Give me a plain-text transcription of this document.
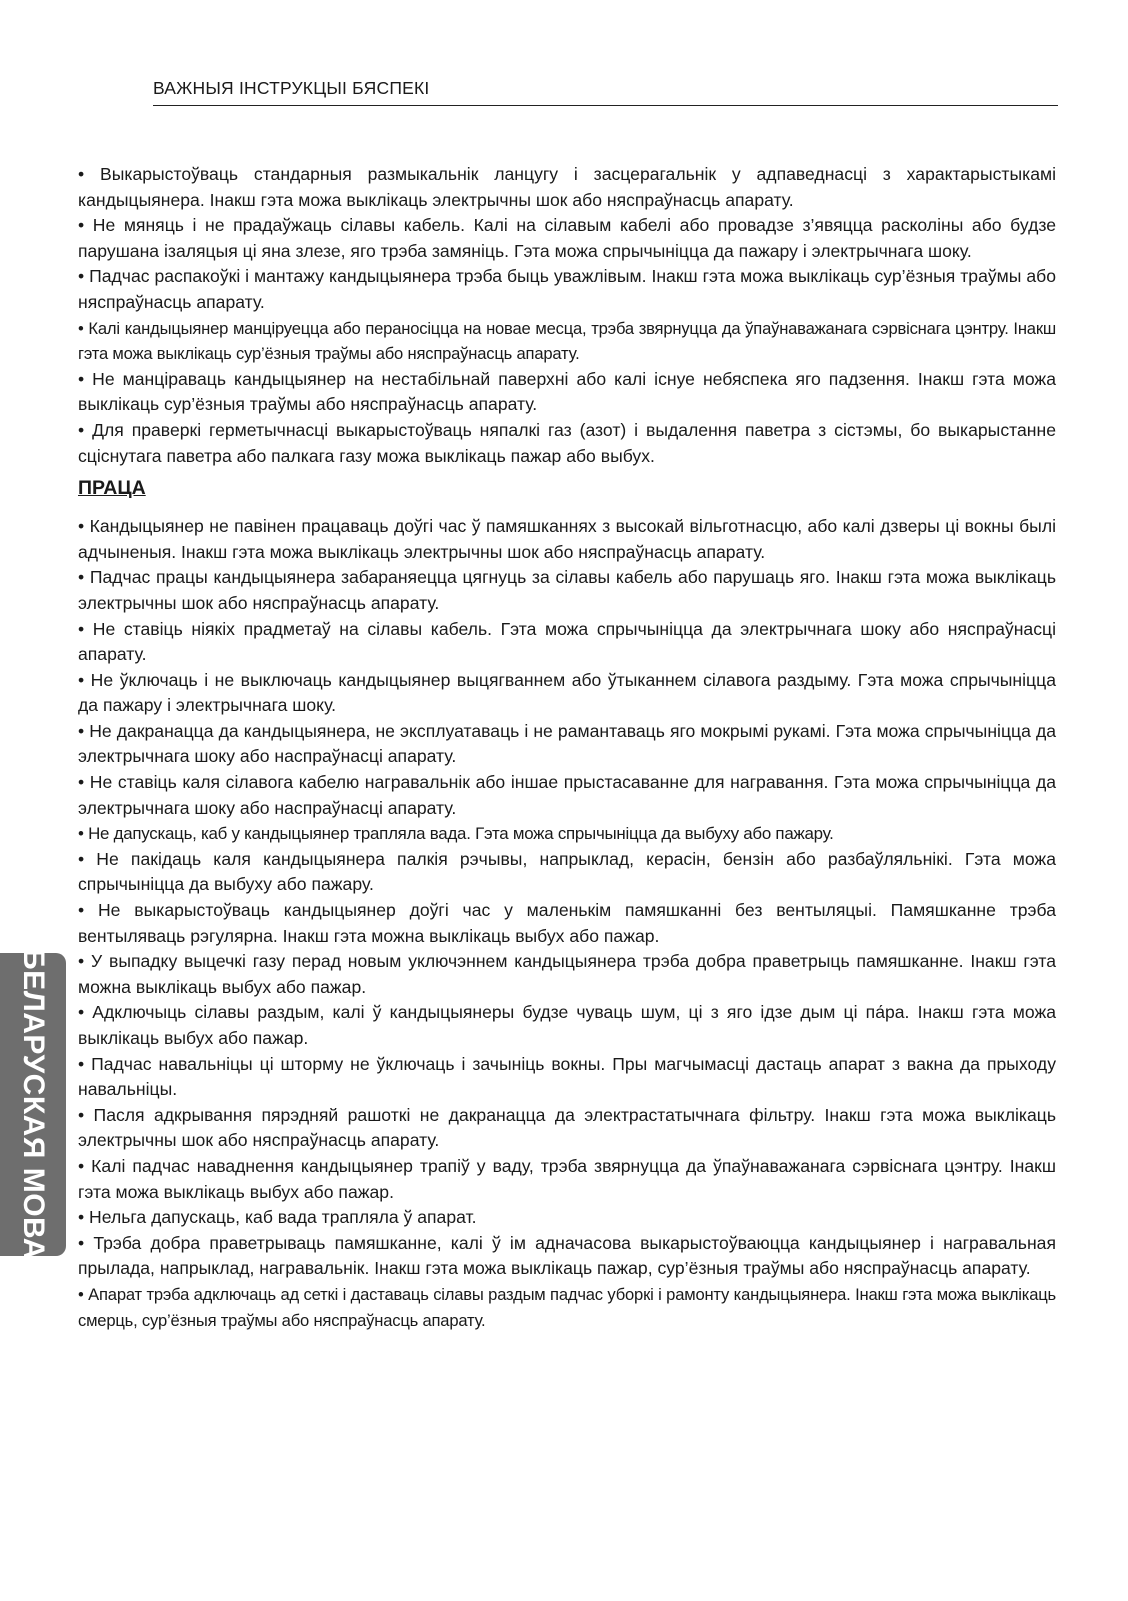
ВАЖНЫЯ ІНСТРУКЦЫІ БЯСПЕКІ
БЕЛАРУСКАЯ МОВА

• Выкарыстоўваць стандарныя размыкальнік ланцугу і засцерагальнік у адпаведнасці з характарыстыкамі кандыцыянера. Інакш гэта можа выклікаць электрычны шок або няспраўнасць апарату.

• Не мяняць і не прадаўжаць сілавы кабель. Калі на сілавым кабелі або провадзе з’явяцца расколіны або будзе парушана ізаляцыя ці яна злезе, яго трэба замяніць. Гэта можа спрычыніцца да пажару і электрычнага шоку.

• Падчас распакоўкі і мантажу кандыцыянера трэба быць уважлівым. Інакш гэта можа выклікаць сур’ёзныя траўмы або няспраўнасць апарату.

• Калі кандыцыянер манціруецца або пераносіцца на новае месца, трэба звярнуцца да ўпаўнаважанага сэрвіснага цэнтру. Інакш гэта можа выклікаць сур’ёзныя траўмы або няспраўнасць апарату.

• Не манціраваць кандыцыянер на нестабільнай паверхні або калі існуе небяспека яго падзення. Інакш гэта можа выклікаць сур’ёзныя траўмы або няспраўнасць апарату.

• Для праверкі герметычнасці выкарыстоўваць няпалкі газ (азот) і выдалення паветра з сістэмы, бо выкарыстанне сціснутага паветра або палкага газу можа выклікаць пажар або выбух.

ПРАЦА

• Кандыцыянер не павінен працаваць доўгі час ў памяшканнях з высокай вільготнасцю, або калі дзверы ці вокны былі адчыненыя. Інакш гэта можа выклікаць электрычны шок або няспраўнасць апарату.

• Падчас працы кандыцыянера забараняецца цягнуць за сілавы кабель або парушаць яго. Інакш гэта можа выклікаць электрычны шок або няспраўнасць апарату.

• Не ставіць ніякіх прадметаў на сілавы кабель. Гэта можа спрычыніцца да электрычнага шоку або няспраўнасці апарату.

• Не ўключаць і не выключаць кандыцыянер выцягваннем або ўтыканнем сілавога раздыму. Гэта можа спрычыніцца да пажару і электрычнага шоку.

• Не дакранацца да кандыцыянера, не эксплуатаваць і не рамантаваць яго мокрымі рукамі. Гэта можа спрычыніцца да электрычнага шоку або наспраўнасці апарату.

• Не ставіць каля сілавога кабелю награвальнік або іншае прыстасаванне для награвання. Гэта можа спрычыніцца да электрычнага шоку або наспраўнасці апарату.

• Не дапускаць, каб у кандыцыянер трапляла вада. Гэта можа спрычыніцца да выбуху або пажару.

• Не пакідаць каля кандыцыянера палкія рэчывы, напрыклад, керасін, бензін або разбаўляльнікі. Гэта можа спрычыніцца да выбуху або пажару.

• Не выкарыстоўваць кандыцыянер доўгі час у маленькім памяшканні без вентыляцыі. Памяшканне трэба вентыляваць рэгулярна. Інакш гэта можна выклікаць выбух або пажар.

• У выпадку выцечкі газу перад новым уключэннем кандыцыянера трэба добра праветрыць памяшканне. Інакш гэта можна выклікаць выбух або пажар.

• Адключыць сілавы раздым, калі ў кандыцыянеры будзе чуваць шум, ці з яго ідзе дым ці па́ра. Інакш гэта можа выклікаць выбух або пажар.

• Падчас навальніцы ці шторму не ўключаць і зачыніць вокны. Пры магчымасці дастаць апарат з вакна да прыходу навальніцы.

• Пасля адкрывання пярэдняй рашоткі не дакранацца да электрастатычнага фільтру. Інакш гэта можа выклікаць электрычны шок або няспраўнасць апарату.

• Калі падчас наваднення кандыцыянер трапіў у ваду, трэба звярнуцца да ўпаўнаважанага сэрвіснага цэнтру. Інакш гэта можа выклікаць выбух або пажар.

• Нельга дапускаць, каб вада трапляла ў апарат.

• Трэба добра праветрываць памяшканне, калі ў ім адначасова выкарыстоўваюцца кандыцыянер і награвальная прылада, напрыклад, награвальнік. Інакш гэта можа выклікаць пажар, сур’ёзныя траўмы або няспраўнасць апарату.

• Апарат трэба адключаць ад сеткі і даставаць сілавы раздым падчас уборкі і рамонту кандыцыянера. Інакш гэта можа выклікаць смерць, сур’ёзныя траўмы або няспраўнасць апарату.
